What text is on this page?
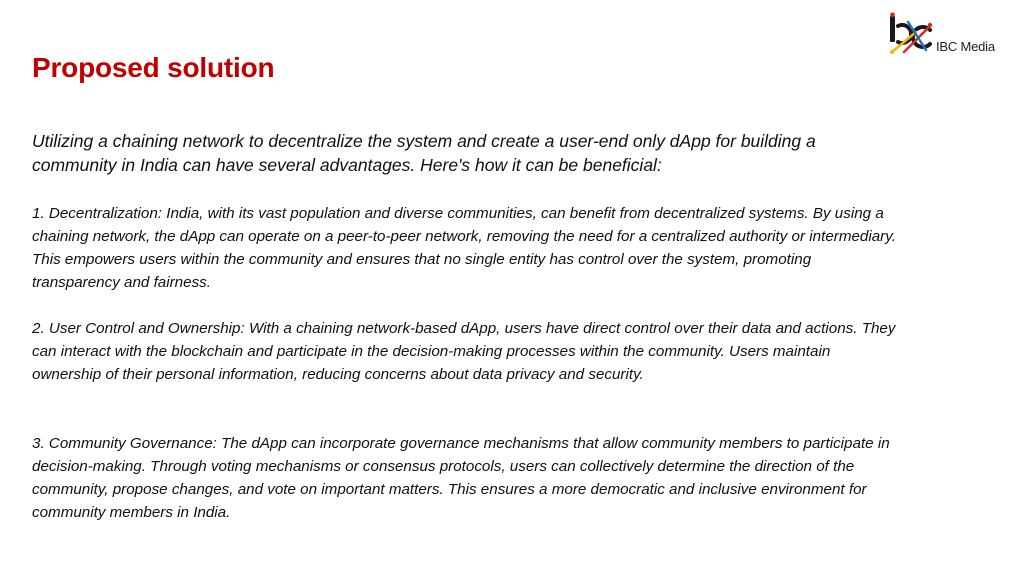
IBC Media
Proposed solution

Utilizing a chaining network to decentralize the system and create a user-end only dApp for building a community in India can have several advantages. Here's how it can be beneficial:

1. Decentralization: India, with its vast population and diverse communities, can benefit from decentralized systems. By using a chaining network, the dApp can operate on a peer-to-peer network, removing the need for a centralized authority or intermediary. This empowers users within the community and ensures that no single entity has control over the system, promoting transparency and fairness.

2. User Control and Ownership: With a chaining network-based dApp, users have direct control over their data and actions. They can interact with the blockchain and participate in the decision-making processes within the community. Users maintain ownership of their personal information, reducing concerns about data privacy and security.

3. Community Governance: The dApp can incorporate governance mechanisms that allow community members to participate in decision-making. Through voting mechanisms or consensus protocols, users can collectively determine the direction of the community, propose changes, and vote on important matters. This ensures a more democratic and inclusive environment for community members in India.
